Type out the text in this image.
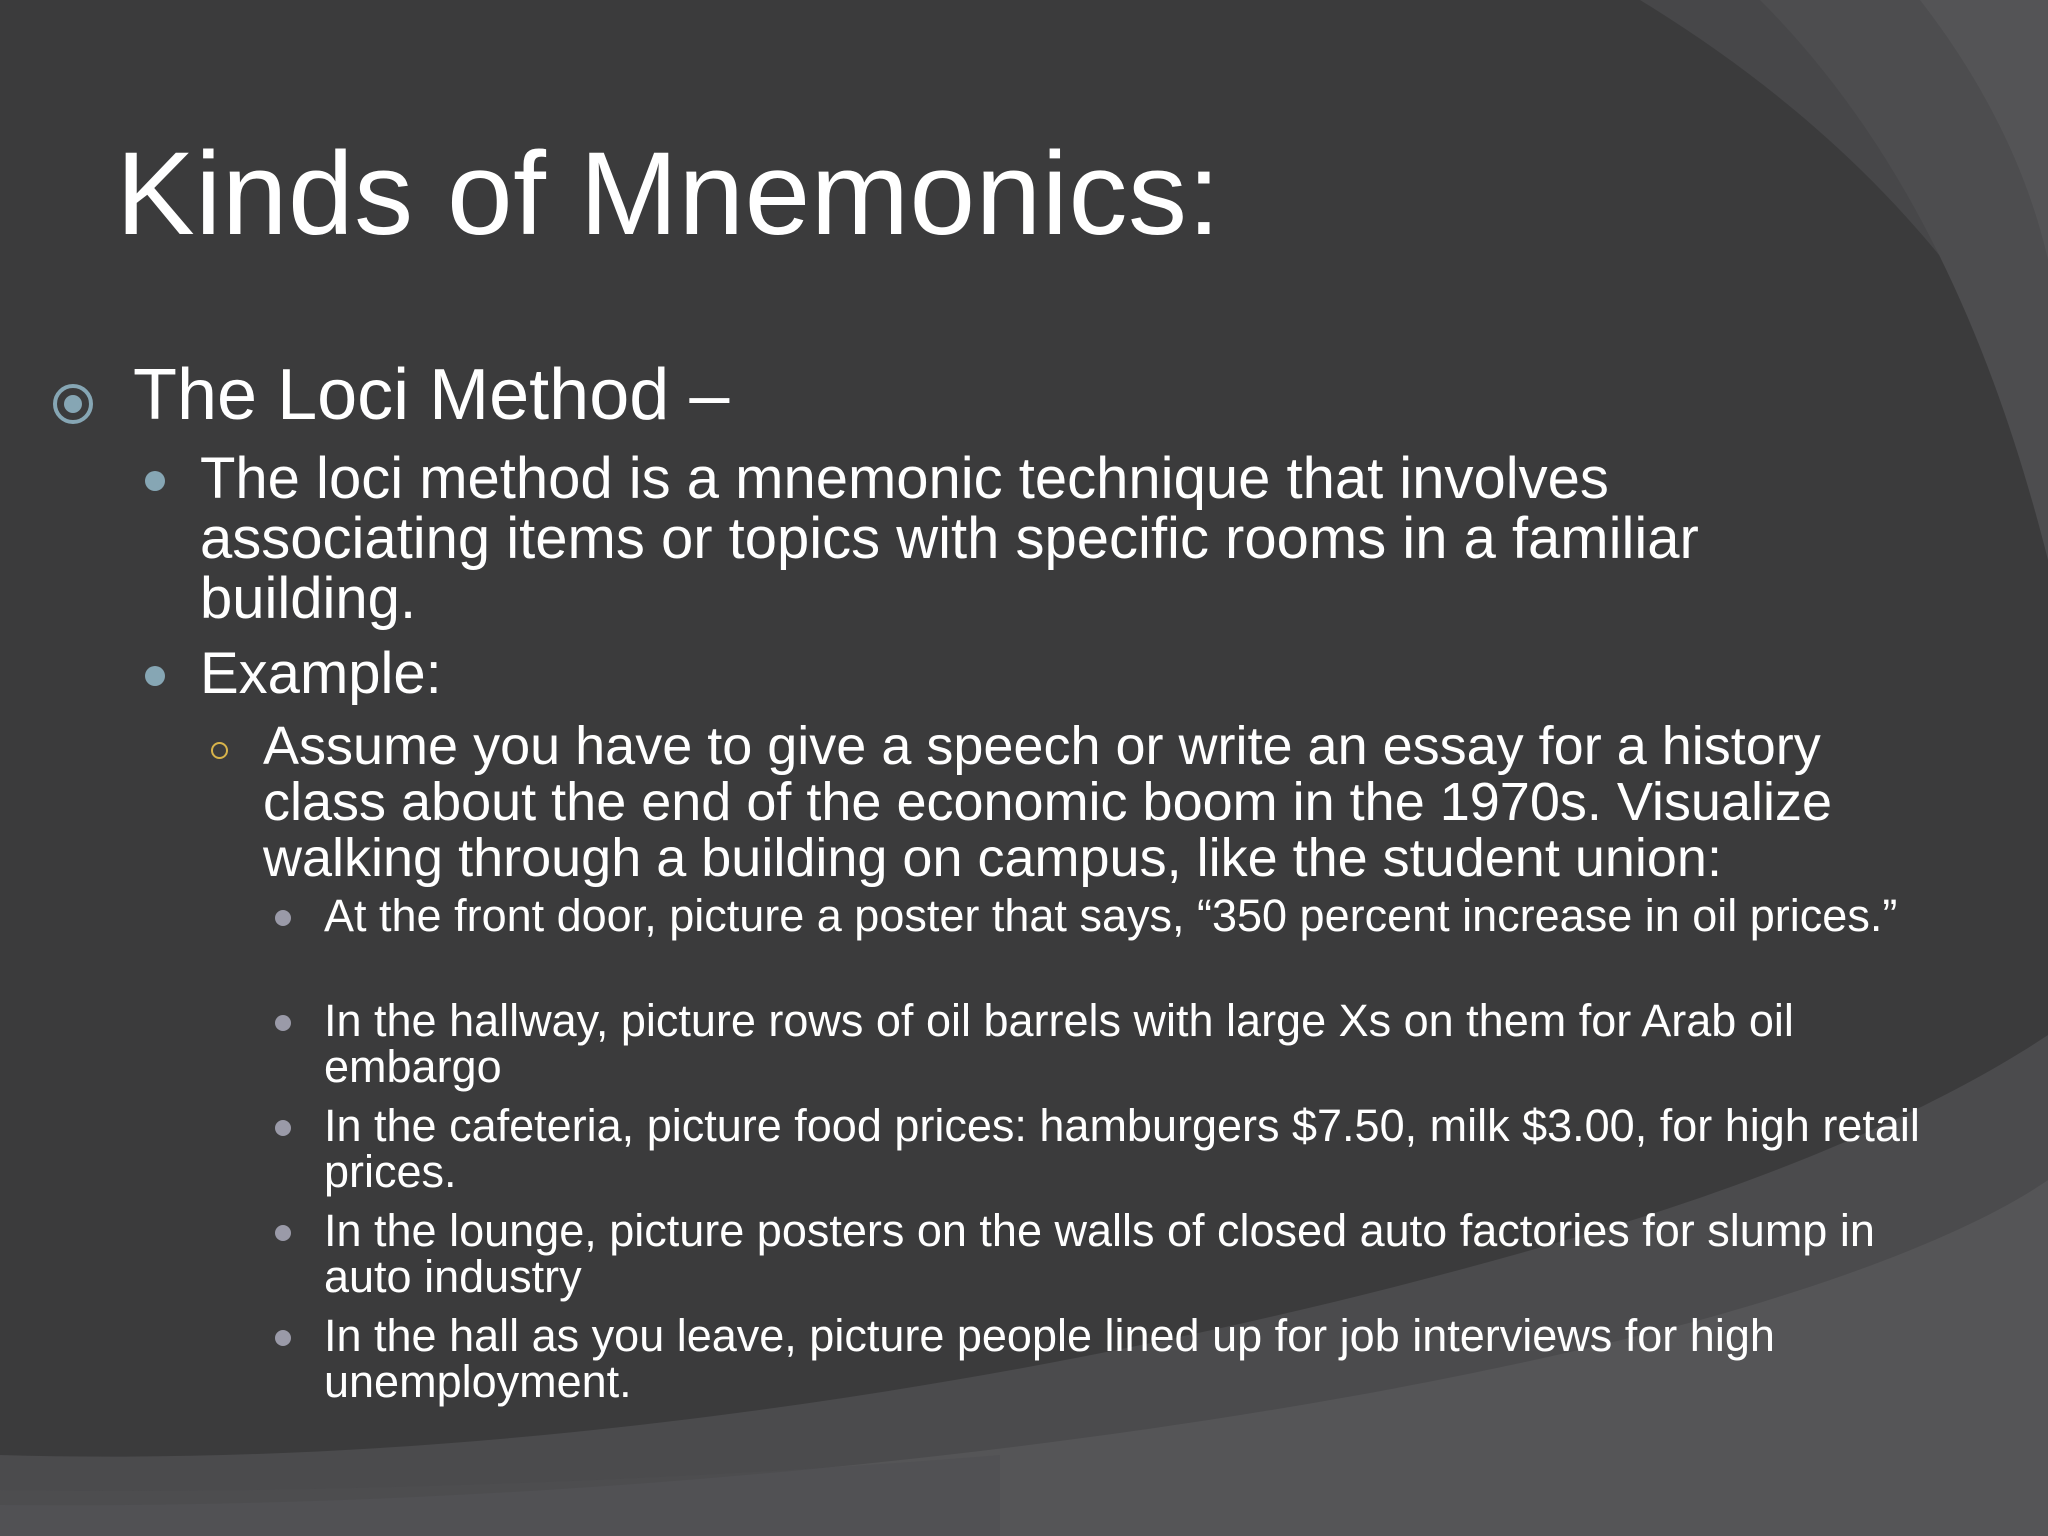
Kinds of Mnemonics:
The Loci Method –
The loci method is a mnemonic technique that involves associating items or topics with specific rooms in a familiar building.
Example:
Assume you have to give a speech or write an essay for a history class about the end of the economic boom in the 1970s. Visualize walking through a building on campus, like the student union:
At the front door, picture a poster that says, “350 percent increase in oil prices.”
In the hallway, picture rows of oil barrels with large Xs on them for Arab oil embargo
In the cafeteria, picture food prices: hamburgers $7.50, milk $3.00, for high retail prices.
In the lounge, picture posters on the walls of closed auto factories for slump in auto industry
In the hall as you leave, picture people lined up for job interviews for high unemployment.
